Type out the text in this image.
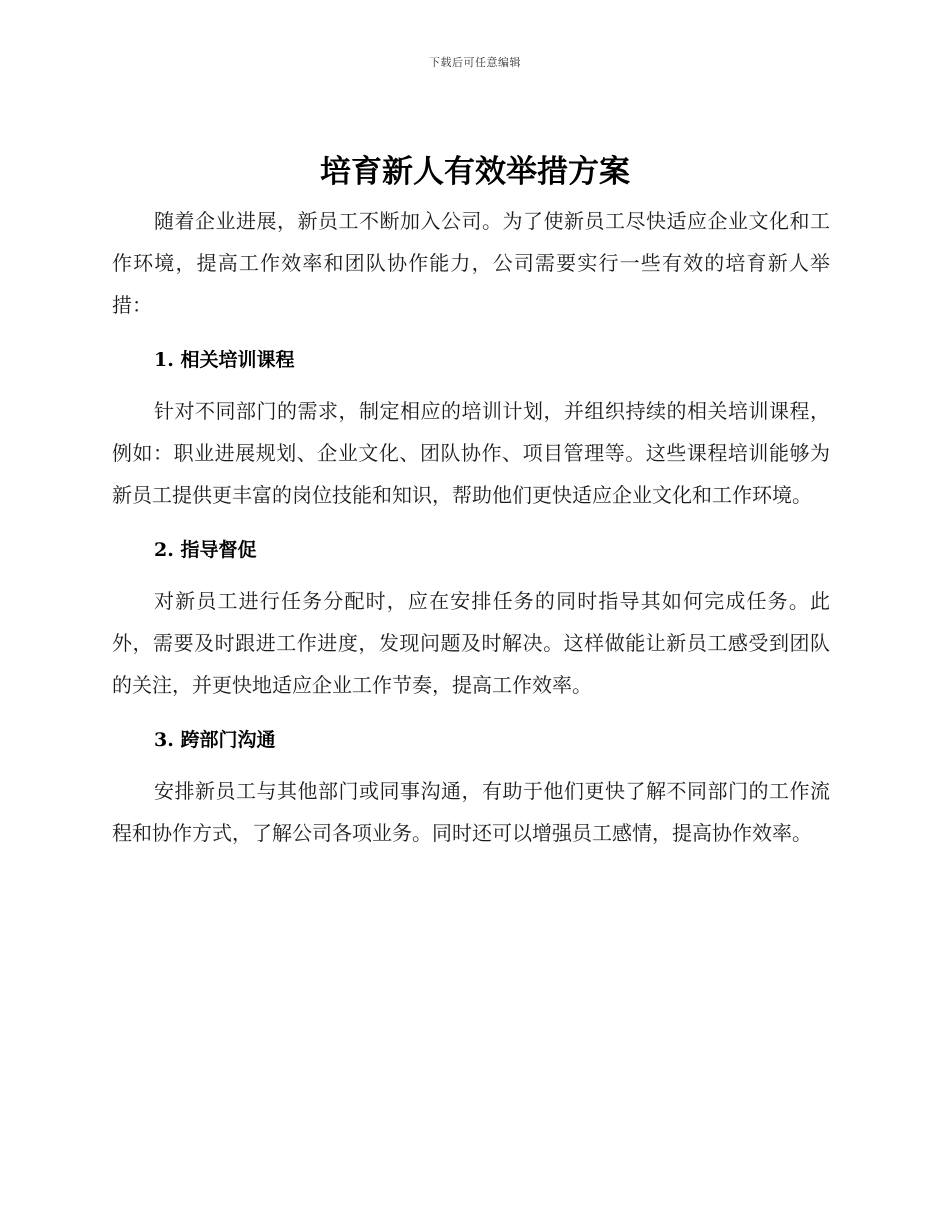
下载后可任意编辑
培育新人有效举措方案

随着企业进展，新员工不断加入公司。为了使新员工尽快适应企业文化和工作环境，提高工作效率和团队协作能力，公司需要实行一些有效的培育新人举措：

1. 相关培训课程

针对不同部门的需求，制定相应的培训计划，并组织持续的相关培训课程，例如：职业进展规划、企业文化、团队协作、项目管理等。这些课程培训能够为新员工提供更丰富的岗位技能和知识，帮助他们更快适应企业文化和工作环境。

2. 指导督促

对新员工进行任务分配时，应在安排任务的同时指导其如何完成任务。此外，需要及时跟进工作进度，发现问题及时解决。这样做能让新员工感受到团队的关注，并更快地适应企业工作节奏，提高工作效率。

3. 跨部门沟通

安排新员工与其他部门或同事沟通，有助于他们更快了解不同部门的工作流程和协作方式，了解公司各项业务。同时还可以增强员工感情，提高协作效率。
